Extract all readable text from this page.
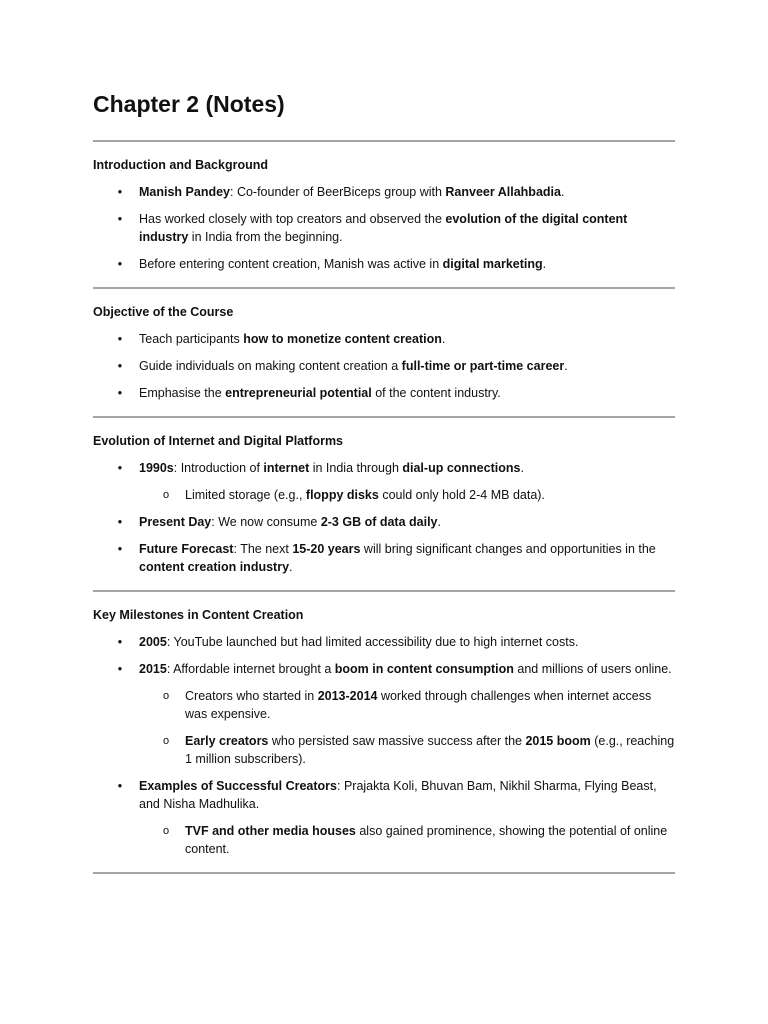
Chapter 2 (Notes)
Introduction and Background
• Manish Pandey: Co-founder of BeerBiceps group with Ranveer Allahbadia.
• Has worked closely with top creators and observed the evolution of the digital content industry in India from the beginning.
• Before entering content creation, Manish was active in digital marketing.
Objective of the Course
• Teach participants how to monetize content creation.
• Guide individuals on making content creation a full-time or part-time career.
• Emphasise the entrepreneurial potential of the content industry.
Evolution of Internet and Digital Platforms
• 1990s: Introduction of internet in India through dial-up connections.
o Limited storage (e.g., floppy disks could only hold 2-4 MB data).
• Present Day: We now consume 2-3 GB of data daily.
• Future Forecast: The next 15-20 years will bring significant changes and opportunities in the content creation industry.
Key Milestones in Content Creation
• 2005: YouTube launched but had limited accessibility due to high internet costs.
• 2015: Affordable internet brought a boom in content consumption and millions of users online.
o Creators who started in 2013-2014 worked through challenges when internet access was expensive.
o Early creators who persisted saw massive success after the 2015 boom (e.g., reaching 1 million subscribers).
• Examples of Successful Creators: Prajakta Koli, Bhuvan Bam, Nikhil Sharma, Flying Beast, and Nisha Madhulika.
o TVF and other media houses also gained prominence, showing the potential of online content.
